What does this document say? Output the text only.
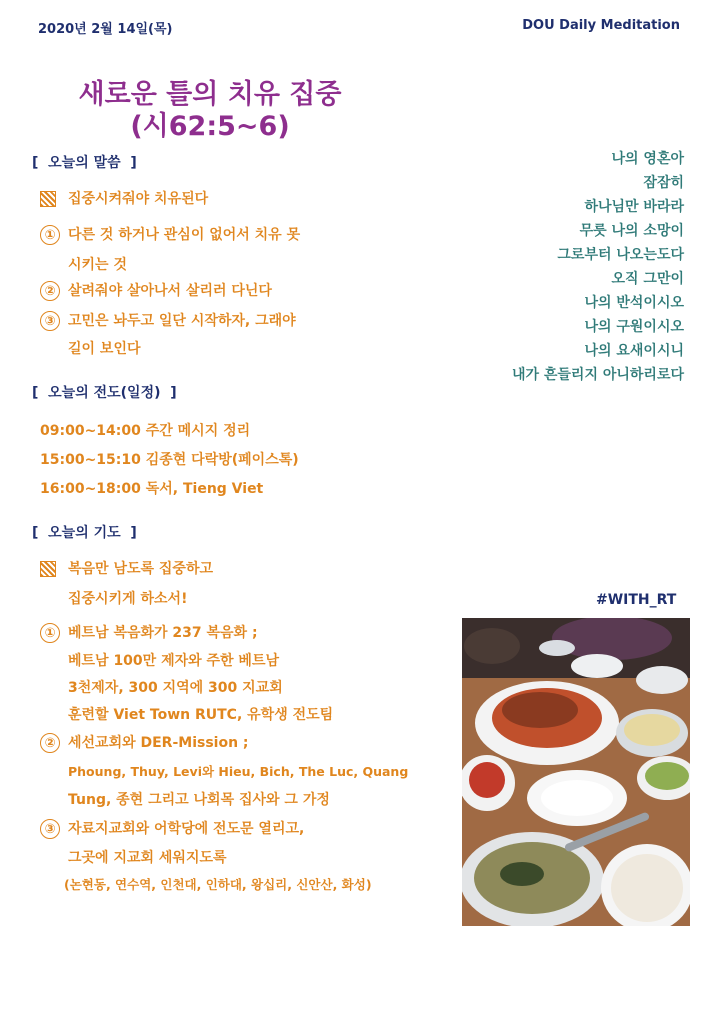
2020년 2월 14일(목)	DOU Daily Meditation
새로운 틀의 치유 집중
(시62:5~6)
[ 오늘의 말씀 ]
집중시켜줘야 치유된다
① 다른 것 하거나 관심이 없어서 치유 못
시키는 것
② 살려줘야 살아나서 살리러 다닌다
③ 고민은 놔두고 일단 시작하자, 그래야
길이 보인다
[ 오늘의 전도(일정) ]
09:00~14:00 주간 메시지 정리
15:00~15:10 김종현 다락방(페이스톡)
16:00~18:00 독서, Tieng Viet
[ 오늘의 기도 ]
복음만 남도록 집중하고
집중시키게 하소서!
① 베트남 복음화가 237 복음화 ;
베트남 100만 제자와 주한 베트남
3천제자, 300 지역에 300 지교회
훈련할 Viet Town RUTC, 유학생 전도팀
② 세선교회와 DER-Mission ;
Phoung, Thuy, Levi와 Hieu, Bich, The Luc, Quang
Tung, 종현 그리고 나회목 집사와 그 가정
③ 자료지교회와 어학당에 전도문 열리고,
그곳에 지교회 세워지도록
(논현동, 연수역, 인천대, 인하대, 왕십리, 신안산, 화성)
나의 영혼아
잠잠히
하나님만 바라라
무릇 나의 소망이
그로부터 나오는도다
오직 그만이
나의 반석이시오
나의 구원이시오
나의 요새이시니
내가 흔들리지 아니하리로다
#WITH_RT
